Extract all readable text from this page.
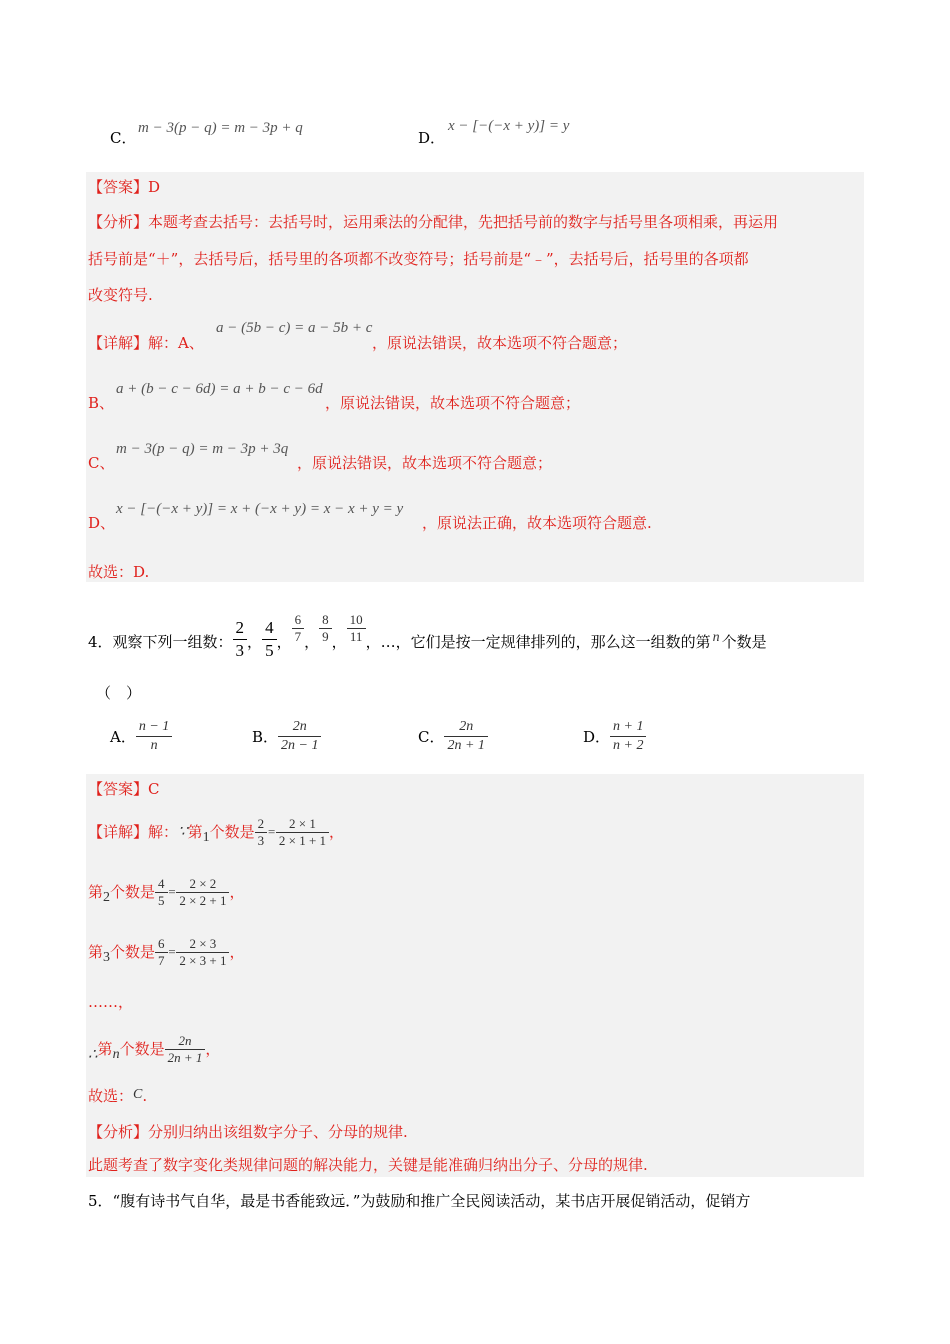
C．
m − 3(p − q) = m − 3p + q
D．
x − [−(−x + y)] = y
【答案】D
【分析】本题考查去括号：去括号时，运用乘法的分配律，先把括号前的数字与括号里各项相乘，再运用
括号前是“＋”，去括号后，括号里的各项都不改变符号；括号前是“﹣”，去括号后，括号里的各项都
改变符号.
【详解】解：A、
a − (5b − c) = a − 5b + c
，原说法错误，故本选项不符合题意；
B、
a + (b − c − 6d) = a + b − c − 6d
，原说法错误，故本选项不符合题意；
C、
m − 3(p − q) = m − 3p + 3q
，原说法错误，故本选项不符合题意；
D、
x − [−(−x + y)] = x + (−x + y) = x − x + y = y
，原说法正确，故本选项符合题意.
故选：D.
4．观察下列一组数： $\frac{2}{3}$ ， $\frac{4}{5}$ ， $\frac{6}{7}$ ， $\frac{8}{9}$ ， $\frac{10}{11}$ ，…，它们是按一定规律排列的，那么这一组数的第 n 个数是
（　）
A． $\frac{n - 1}{n}$	B． $\frac{2n}{2n - 1}$	C． $\frac{2n}{2n + 1}$	D． $\frac{n + 1}{n + 2}$
【答案】C
【详解】解： ∵ 第 1 个数是 $\frac{2}{3} = \frac{2 \times 1}{2 \times 1 + 1}$ ，
第 2 个数是 $\frac{4}{5} = \frac{2 \times 2}{2 \times 2 + 1}$ ，
第 3 个数是 $\frac{6}{7} = \frac{2 \times 3}{2 \times 3 + 1}$ ，
……，
∴ 第 n 个数是 $\frac{2n}{2n + 1}$ ，
故选：C.
【分析】分别归纳出该组数字分子、分母的规律.
此题考查了数字变化类规律问题的解决能力，关键是能准确归纳出分子、分母的规律.
5．“腹有诗书气自华，最是书香能致远．”为鼓励和推广全民阅读活动，某书店开展促销活动，促销方
